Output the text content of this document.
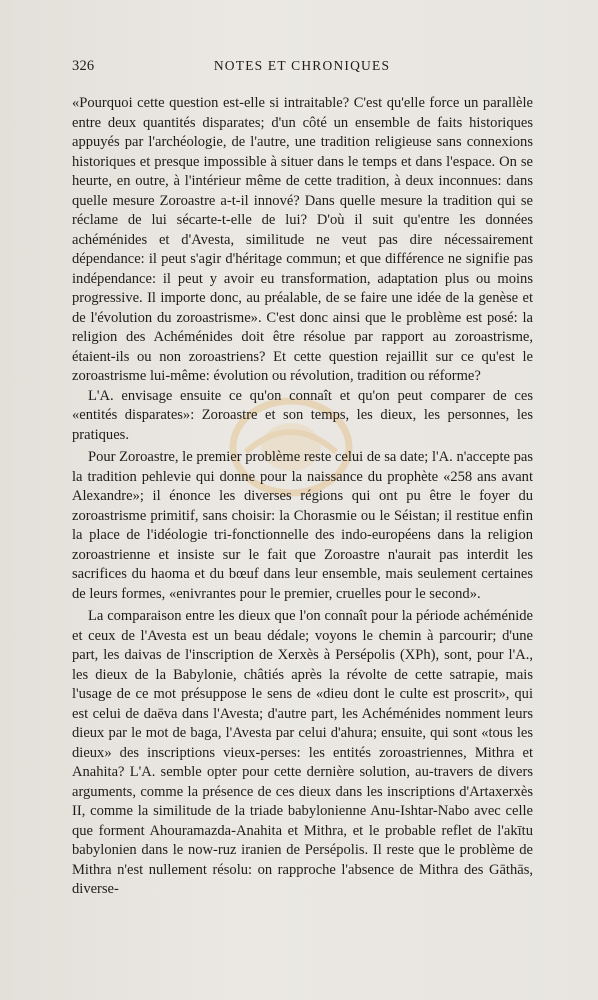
326	NOTES ET CHRONIQUES

«Pourquoi cette question est-elle si intraitable? C'est qu'elle force un parallèle entre deux quantités disparates; d'un côté un ensemble de faits historiques appuyés par l'archéologie, de l'autre, une tradition religieuse sans connexions historiques et presque impossible à situer dans le temps et dans l'espace. On se heurte, en outre, à l'intérieur même de cette tradition, à deux inconnues: dans quelle mesure Zoroastre a-t-il innové? Dans quelle mesure la tradition qui se réclame de lui sécarte-t-elle de lui? D'où il suit qu'entre les données achéménides et d'Avesta, similitude ne veut pas dire nécessairement dépendance: il peut s'agir d'héritage commun; et que différence ne signifie pas indépendance: il peut y avoir eu transformation, adaptation plus ou moins progressive. Il importe donc, au préalable, de se faire une idée de la genèse et de l'évolution du zoroastrisme». C'est donc ainsi que le problème est posé: la religion des Achéménides doit être résolue par rapport au zoroastrisme, étaient-ils ou non zoroastriens? Et cette question rejaillit sur ce qu'est le zoroastrisme lui-même: évolution ou révolution, tradition ou réforme?

L'A. envisage ensuite ce qu'on connaît et qu'on peut comparer de ces «entités disparates»: Zoroastre et son temps, les dieux, les personnes, les pratiques.

Pour Zoroastre, le premier problème reste celui de sa date; l'A. n'accepte pas la tradition pehlevie qui donne pour la naissance du prophète «258 ans avant Alexandre»; il énonce les diverses régions qui ont pu être le foyer du zoroastrisme primitif, sans choisir: la Chorasmie ou le Séistan; il restitue enfin la place de l'idéologie tri-fonctionnelle des indo-européens dans la religion zoroastrienne et insiste sur le fait que Zoroastre n'aurait pas interdit les sacrifices du haoma et du bœuf dans leur ensemble, mais seulement certaines de leurs formes, «enivrantes pour le premier, cruelles pour le second».

La comparaison entre les dieux que l'on connaît pour la période achéménide et ceux de l'Avesta est un beau dédale; voyons le chemin à parcourir; d'une part, les daivas de l'inscription de Xerxès à Persépolis (XPh), sont, pour l'A., les dieux de la Babylonie, châtiés après la révolte de cette satrapie, mais l'usage de ce mot présuppose le sens de «dieu dont le culte est proscrit», qui est celui de daēva dans l'Avesta; d'autre part, les Achéménides nomment leurs dieux par le mot de baga, l'Avesta par celui d'ahura; ensuite, qui sont «tous les dieux» des inscriptions vieux-perses: les entités zoroastriennes, Mithra et Anahita? L'A. semble opter pour cette dernière solution, au-travers de divers arguments, comme la présence de ces dieux dans les inscriptions d'Artaxerxès II, comme la similitude de la triade babylonienne Anu-Ishtar-Nabo avec celle que forment Ahouramazda-Anahita et Mithra, et le probable reflet de l'akītu babylonien dans le now-ruz iranien de Persépolis. Il reste que le problème de Mithra n'est nullement résolu: on rapproche l'absence de Mithra des Gāthās, diverse-
